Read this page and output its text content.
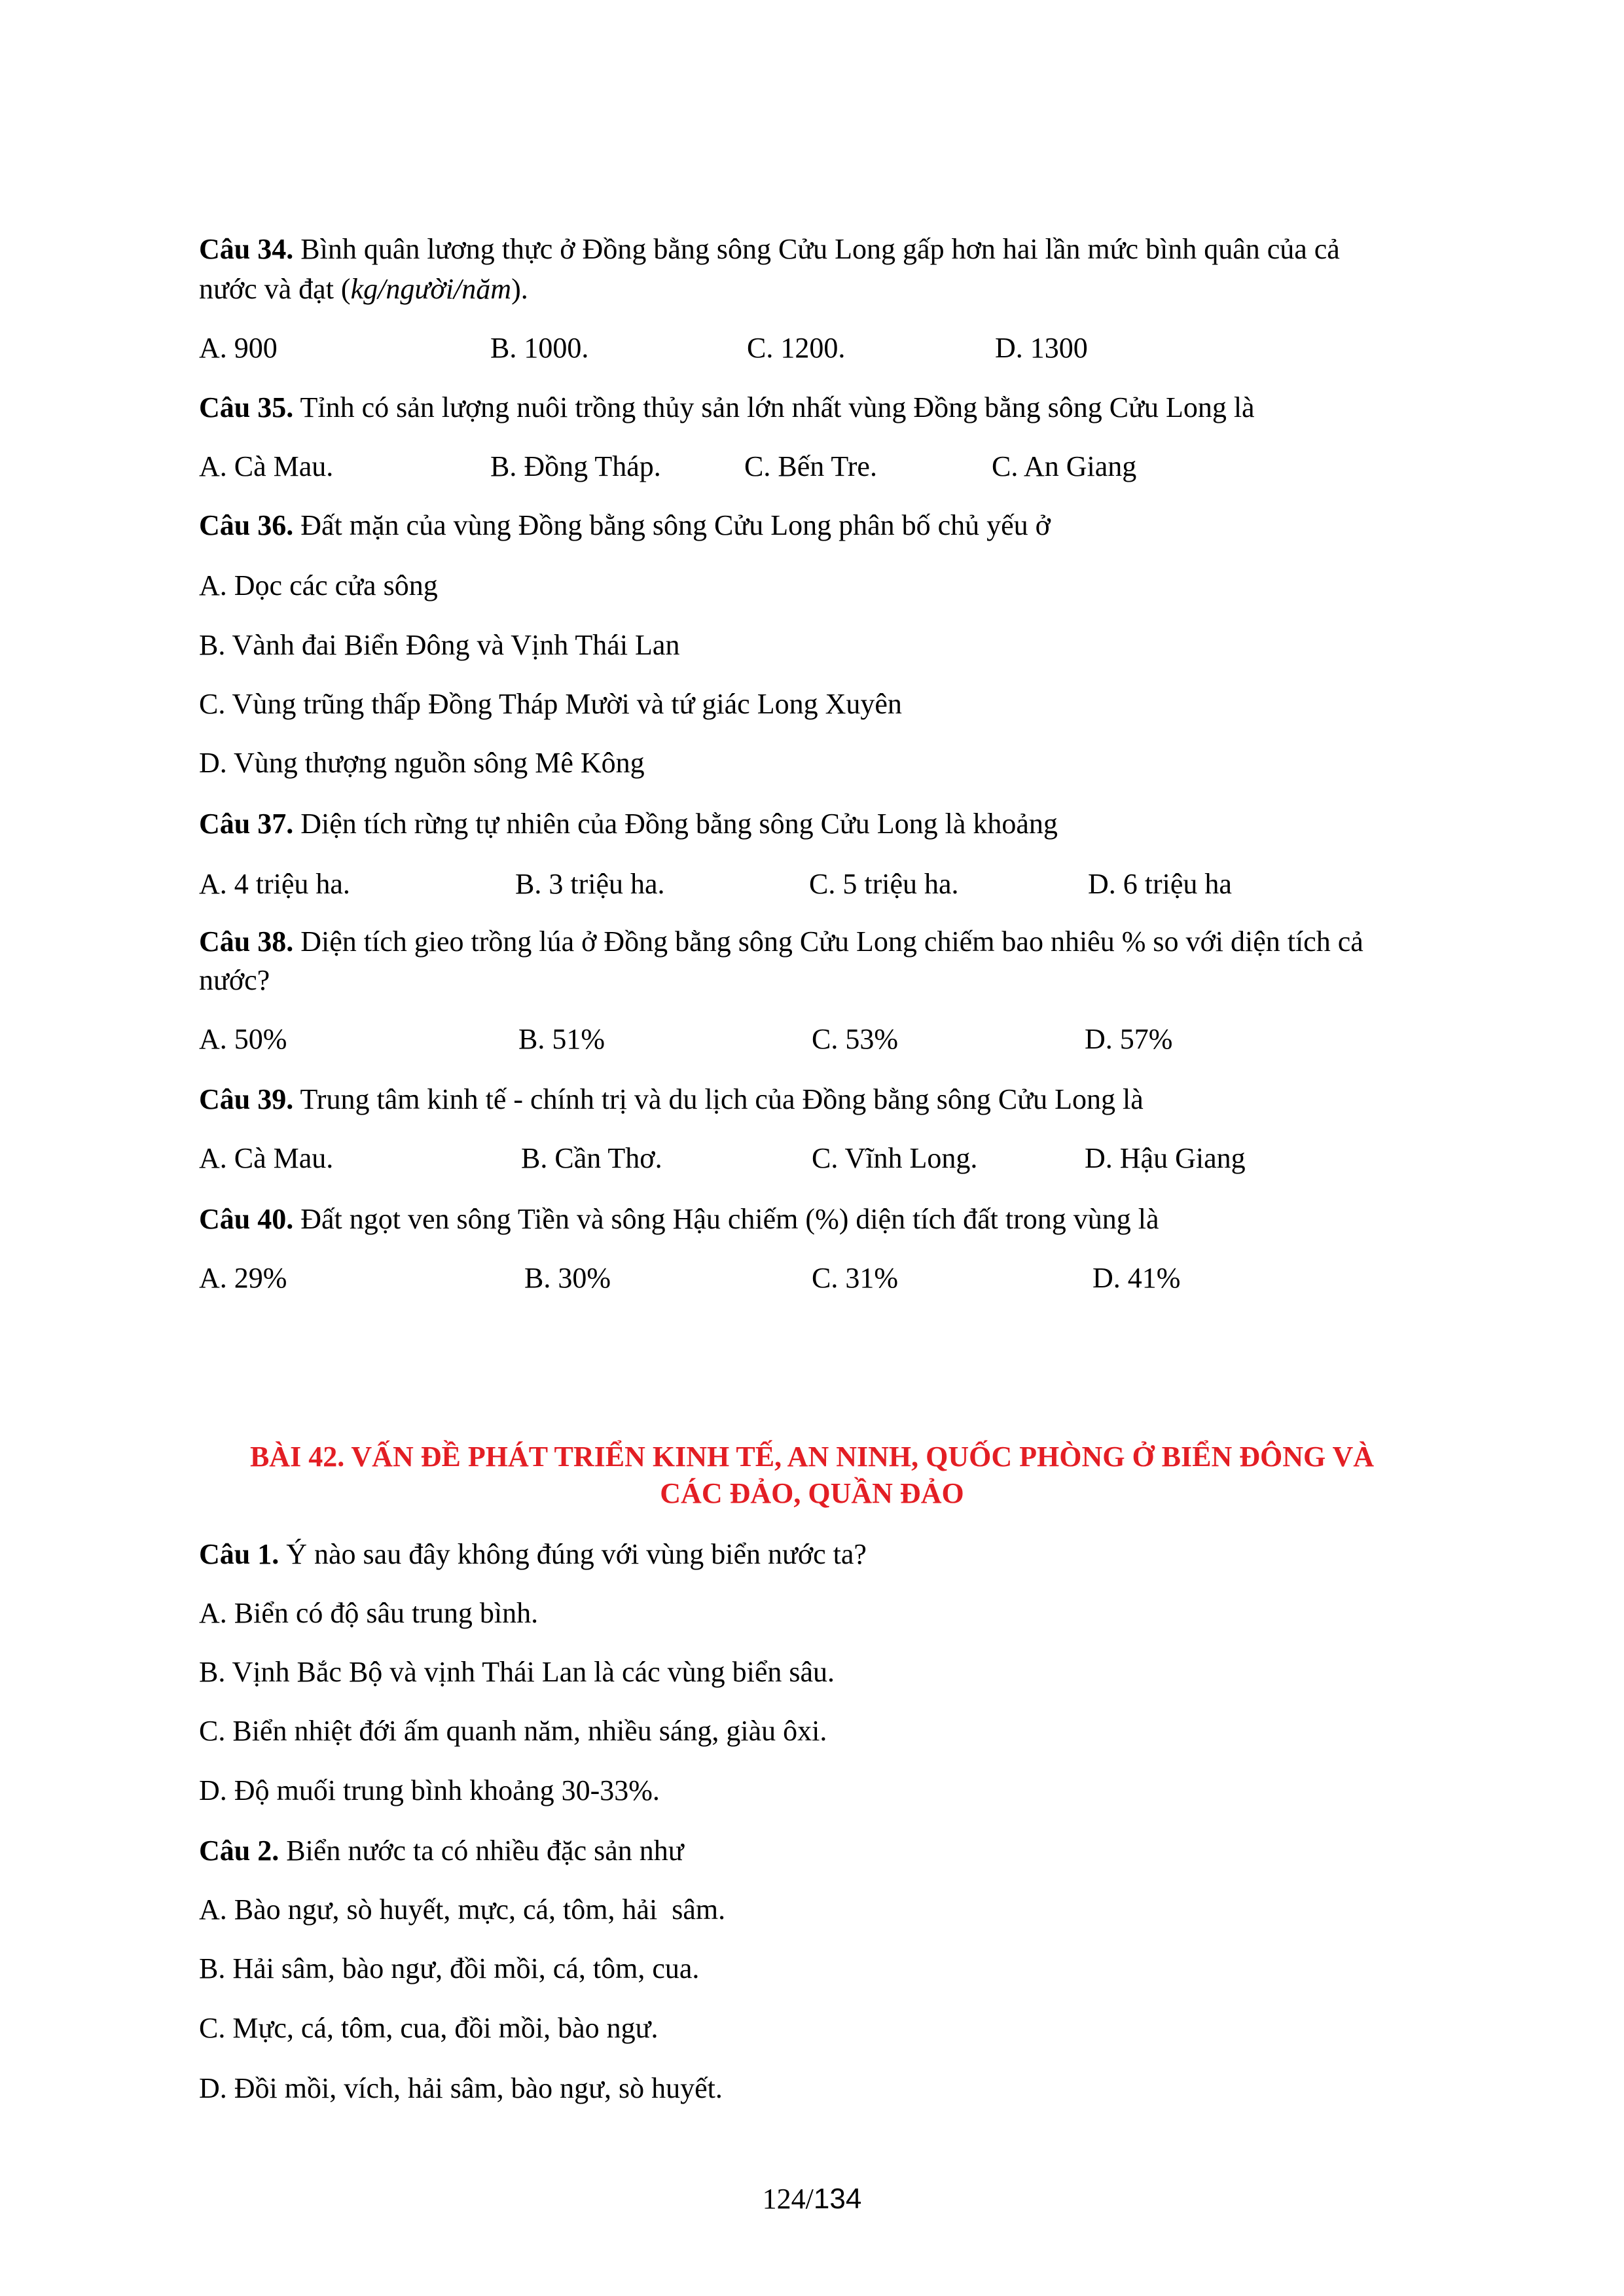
Câu 34. Bình quân lương thực ở Đồng bằng sông Cửu Long gấp hơn hai lần mức bình quân của cả
nước và đạt (kg/người/năm).
A. 900	B. 1000.	C. 1200.	D. 1300
Câu 35. Tỉnh có sản lượng nuôi trồng thủy sản lớn nhất vùng Đồng bằng sông Cửu Long là
A. Cà Mau.	B. Đồng Tháp.	C. Bến Tre.	C. An Giang
Câu 36. Đất mặn của vùng Đồng bằng sông Cửu Long phân bố chủ yếu ở
A. Dọc các cửa sông
B. Vành đai Biển Đông và Vịnh Thái Lan
C. Vùng trũng thấp Đồng Tháp Mười và tứ giác Long Xuyên
D. Vùng thượng nguồn sông Mê Kông
Câu 37. Diện tích rừng tự nhiên của Đồng bằng sông Cửu Long là khoảng
A. 4 triệu ha.	B. 3 triệu ha.	C. 5 triệu ha.	D. 6 triệu ha
Câu 38. Diện tích gieo trồng lúa ở Đồng bằng sông Cửu Long chiếm bao nhiêu % so với diện tích cả
nước?
A. 50%	B. 51%	C. 53%	D. 57%
Câu 39. Trung tâm kinh tế - chính trị và du lịch của Đồng bằng sông Cửu Long là
A. Cà Mau.	B. Cần Thơ.	C. Vĩnh Long.	D. Hậu Giang
Câu 40. Đất ngọt ven sông Tiền và sông Hậu chiếm (%) diện tích đất trong vùng là
A. 29%	B. 30%	C. 31%	D. 41%
BÀI 42. VẤN ĐỀ PHÁT TRIỂN KINH TẾ, AN NINH, QUỐC PHÒNG Ở BIỂN ĐÔNG VÀ
CÁC ĐẢO, QUẦN ĐẢO
Câu 1. Ý nào sau đây không đúng với vùng biển nước ta?
A. Biển có độ sâu trung bình.
B. Vịnh Bắc Bộ và vịnh Thái Lan là các vùng biển sâu.
C. Biển nhiệt đới ấm quanh năm, nhiều sáng, giàu ôxi.
D. Độ muối trung bình khoảng 30-33%.
Câu 2. Biển nước ta có nhiều đặc sản như
A. Bào ngư, sò huyết, mực, cá, tôm, hải  sâm.
B. Hải sâm, bào ngư, đồi mồi, cá, tôm, cua.
C. Mực, cá, tôm, cua, đồi mồi, bào ngư.
D. Đồi mồi, vích, hải sâm, bào ngư, sò huyết.
124/134
